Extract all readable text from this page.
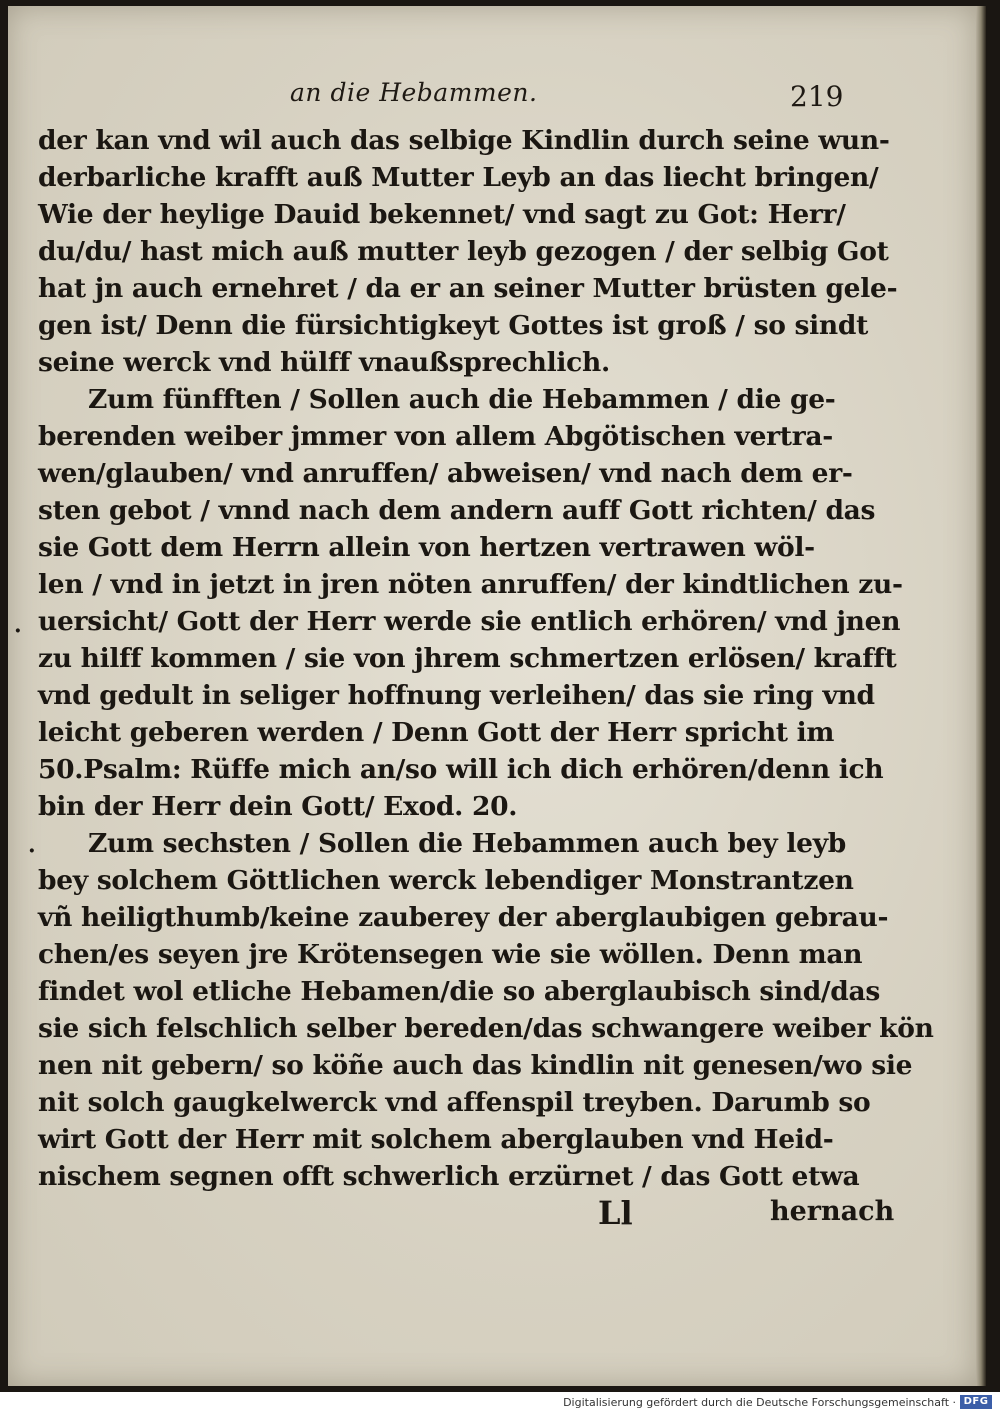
an die Hebammen.	219
der kan vnd wil auch das selbige Kindlin durch seine wun-
derbarliche krafft auß Mutter Leyb an das liecht bringen/
Wie der heylige Dauid bekennet/ vnd sagt zu Got: Herr/
du/du/ hast mich auß mutter leyb gezogen / der selbig Got
hat jn auch ernehret / da er an seiner Mutter brüsten gele-
gen ist/ Denn die fürsichtigkeyt Gottes ist groß / so sindt
seine werck vnd hülff vnaußsprechlich.
Zum fünfften / Sollen auch die Hebammen / die ge-
berenden weiber jmmer von allem Abgötischen vertra-
wen/glauben/ vnd anruffen/ abweisen/ vnd nach dem er-
sten gebot / vnnd nach dem andern auff Gott richten/ das
sie Gott dem Herrn allein von hertzen vertrawen wöl-
len / vnd in jetzt in jren nöten anruffen/ der kindtlichen zu-
uersicht/ Gott der Herr werde sie entlich erhören/ vnd jnen
zu hilff kommen / sie von jhrem schmertzen erlösen/ krafft
vnd gedult in seliger hoffnung verleihen/ das sie ring vnd
leicht geberen werden / Denn Gott der Herr spricht im
50.Psalm: Rüffe mich an/so will ich dich erhören/denn ich
bin der Herr dein Gott/ Exod. 20.
Zum sechsten / Sollen die Hebammen auch bey leyb
bey solchem Göttlichen werck lebendiger Monstrantzen
vñ heiligthumb/keine zauberey der aberglaubigen gebrau-
chen/es seyen jre Krötensegen wie sie wöllen. Denn man
findet wol etliche Hebamen/die so aberglaubisch sind/das
sie sich felschlich selber bereden/das schwangere weiber kön
nen nit gebern/ so köñe auch das kindlin nit genesen/wo sie
nit solch gaugkelwerck vnd affenspil treyben. Darumb so
wirt Gott der Herr mit solchem aberglauben vnd Heid-
nischem segnen offt schwerlich erzürnet / das Gott etwa
Ll	hernach
·
·
Digitalisierung gefördert durch die Deutsche Forschungsgemeinschaft · DFG
